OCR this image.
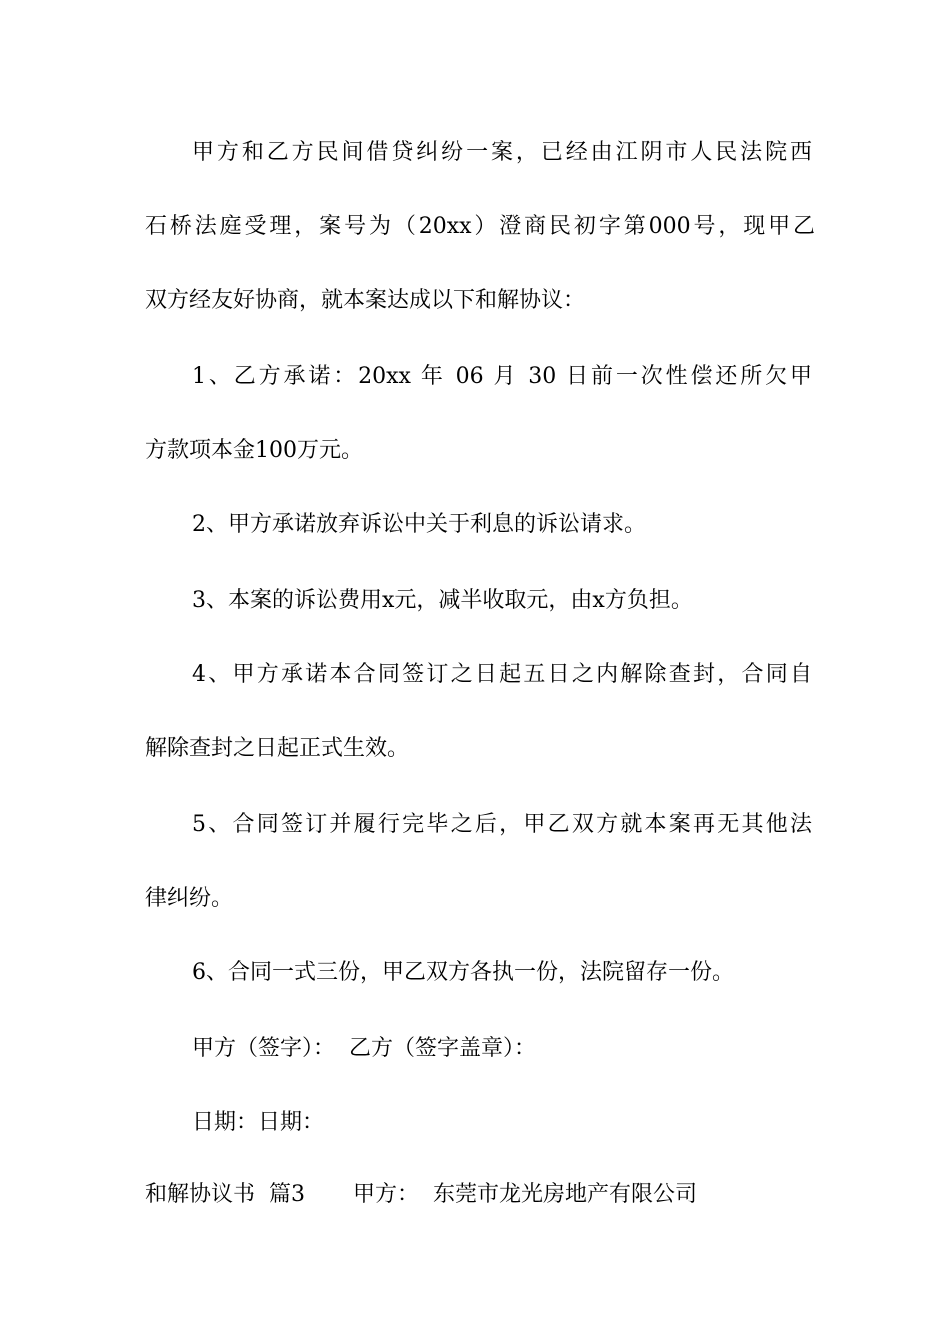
甲方和乙方民间借贷纠纷一案，已经由江阴市人民法院西
石桥法庭受理，案号为（20xx）澄商民初字第000号，现甲乙
双方经友好协商，就本案达成以下和解协议：
1、乙方承诺：20xx 年 06 月 30 日前一次性偿还所欠甲
方款项本金100万元。
2、甲方承诺放弃诉讼中关于利息的诉讼请求。
3、本案的诉讼费用x元，减半收取元，由x方负担。
4、甲方承诺本合同签订之日起五日之内解除查封，合同自
解除查封之日起正式生效。
5、合同签订并履行完毕之后，甲乙双方就本案再无其他法
律纠纷。
6、合同一式三份，甲乙双方各执一份，法院留存一份。
甲方（签字）：  乙方（签字盖章）：
日期：日期：
和解协议书  篇3 甲方：  东莞市龙光房地产有限公司
